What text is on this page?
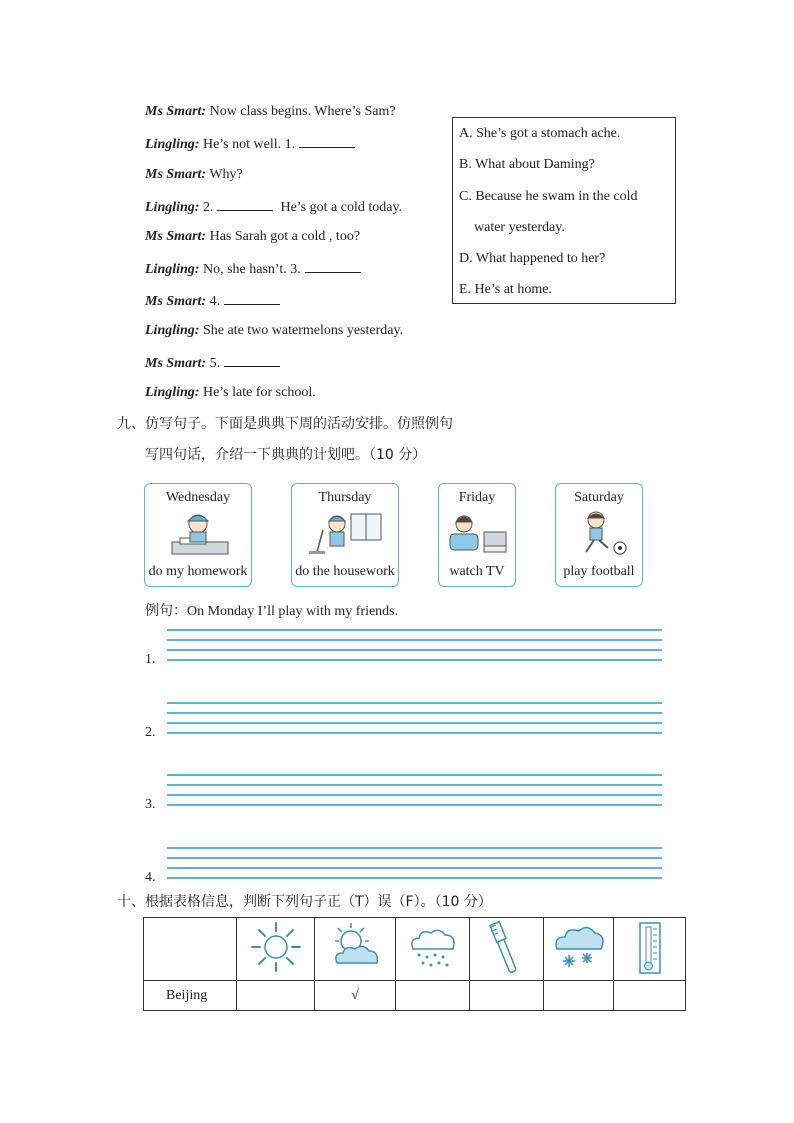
Ms Smart: Now class begins. Where’s Sam?
Lingling: He’s not well. 1.
Ms Smart: Why?
Lingling: 2.	He’s got a cold today.
Ms Smart: Has Sarah got a cold , too?
Lingling: No, she hasn’t. 3.
Ms Smart: 4.
Lingling: She ate two watermelons yesterday.
Ms Smart: 5.
Lingling: He’s late for school.
A. She’s got a stomach ache.
B. What about Daming?
C. Because he swam in the cold
water yesterday.
D. What happened to her?
E. He’s at home.
九、仿写句子。下面是典典下周的活动安排。仿照例句
写四句话，介绍一下典典的计划吧。（10 分）
Wednesday
do my homework
Thursday
do the housework
Friday
watch TV
Saturday
play football
例句：On Monday I’ll play with my friends.
1.
2.
3.
4.
十、根据表格信息，判断下列句子正（T）误（F）。（10 分）

Beijing		√				
